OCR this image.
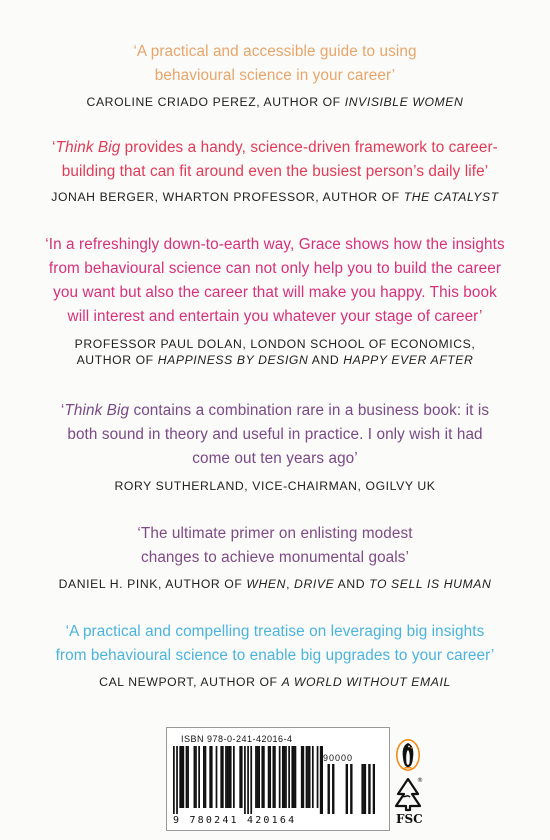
‘A practical and accessible guide to using
behavioural science in your career’
CAROLINE CRIADO PEREZ, AUTHOR OF INVISIBLE WOMEN
‘Think Big provides a handy, science-driven framework to career-
building that can fit around even the busiest person’s daily life’
JONAH BERGER, WHARTON PROFESSOR, AUTHOR OF THE CATALYST
‘In a refreshingly down-to-earth way, Grace shows how the insights
from behavioural science can not only help you to build the career
you want but also the career that will make you happy. This book
will interest and entertain you whatever your stage of career’
PROFESSOR PAUL DOLAN, LONDON SCHOOL OF ECONOMICS,
AUTHOR OF HAPPINESS BY DESIGN AND HAPPY EVER AFTER
‘Think Big contains a combination rare in a business book: it is
both sound in theory and useful in practice. I only wish it had
come out ten years ago’
RORY SUTHERLAND, VICE-CHAIRMAN, OGILVY UK
‘The ultimate primer on enlisting modest
changes to achieve monumental goals’
DANIEL H. PINK, AUTHOR OF WHEN, DRIVE AND TO SELL IS HUMAN
‘A practical and compelling treatise on leveraging big insights
from behavioural science to enable big upgrades to your career’
CAL NEWPORT, AUTHOR OF A WORLD WITHOUT EMAIL
ISBN 978-0-241-42016-4
90000
9 780241 420164	FSC
®
